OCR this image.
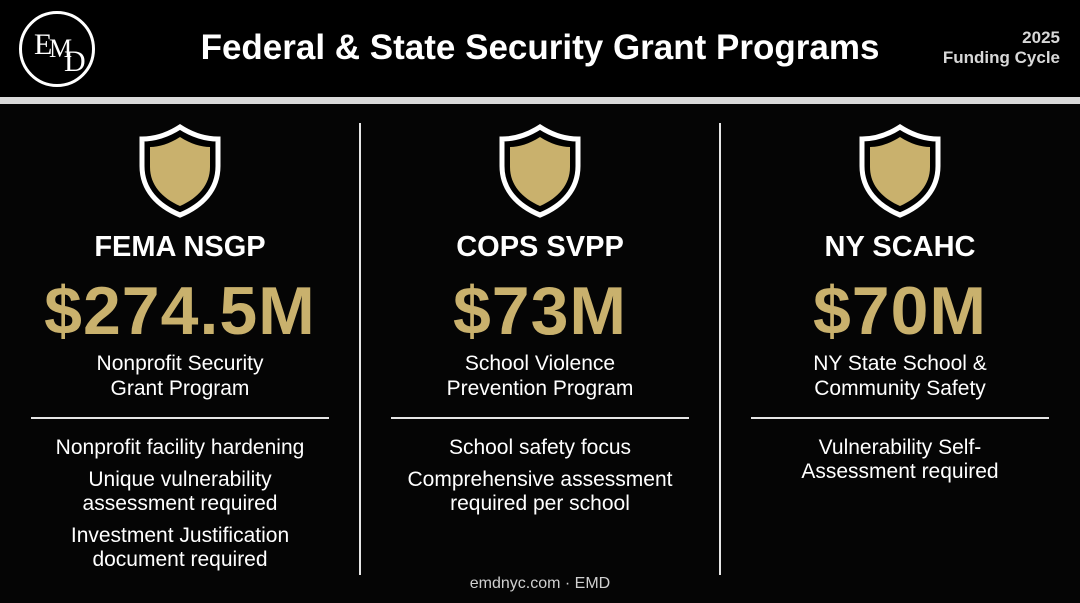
E
M
D	Federal & State Security Grant Programs	2025
Funding Cycle
FEMA NSGP
$274.5M
Nonprofit Security
Grant Program
Nonprofit facility hardening
Unique vulnerability
assessment required
Investment Justification
document required
COPS SVPP
$73M
School Violence
Prevention Program
School safety focus
Comprehensive assessment
required per school
NY SCAHC
$70M
NY State School &
Community Safety
Vulnerability Self-
Assessment required
emdnyc.com · EMD
